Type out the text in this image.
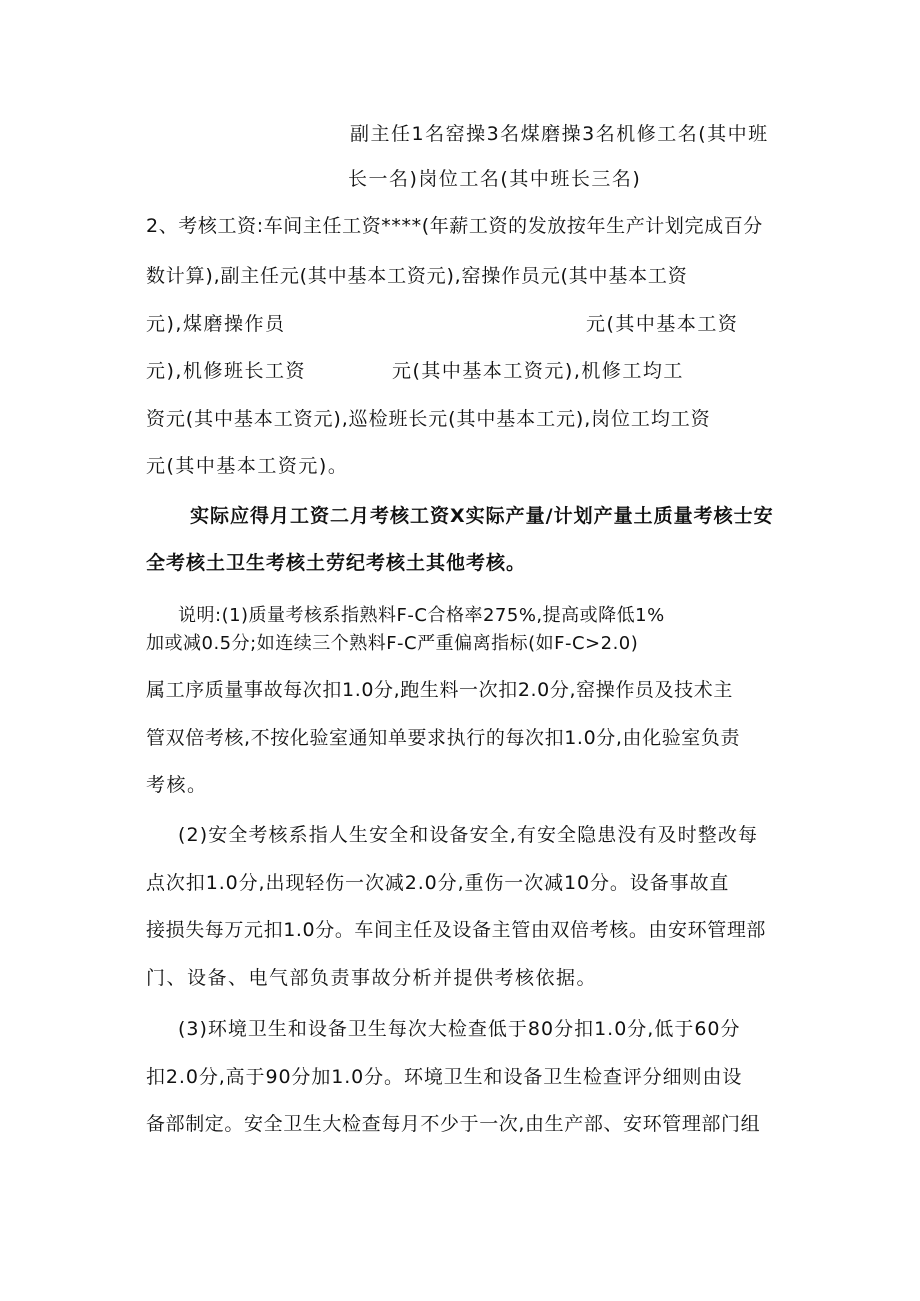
副主任1名窑操3名煤磨操3名机修工名(其中班
长一名)岗位工名(其中班长三名)
2、考核工资:车间主任工资****(年薪工资的发放按年生产计划完成百分
数计算),副主任元(其中基本工资元),窑操作员元(其中基本工资
元),煤磨操作员	元(其中基本工资
元),机修班长工资	元(其中基本工资元),机修工均工
资元(其中基本工资元),巡检班长元(其中基本工元),岗位工均工资
元(其中基本工资元)。
实际应得月工资二月考核工资X实际产量/计划产量土质量考核士安
全考核土卫生考核土劳纪考核土其他考核。
说明:(1)质量考核系指熟料F-C合格率275%,提高或降低1%
加或减0.5分;如连续三个熟料F-C严重偏离指标(如F-C>2.0)
属工序质量事故每次扣1.0分,跑生料一次扣2.0分,窑操作员及技术主
管双倍考核,不按化验室通知单要求执行的每次扣1.0分,由化验室负责
考核。
(2)安全考核系指人生安全和设备安全,有安全隐患没有及时整改每
点次扣1.0分,出现轻伤一次减2.0分,重伤一次减10分。设备事故直
接损失每万元扣1.0分。车间主任及设备主管由双倍考核。由安环管理部
门、设备、电气部负责事故分析并提供考核依据。
(3)环境卫生和设备卫生每次大检查低于80分扣1.0分,低于60分
扣2.0分,高于90分加1.0分。环境卫生和设备卫生检查评分细则由设
备部制定。安全卫生大检查每月不少于一次,由生产部、安环管理部门组
